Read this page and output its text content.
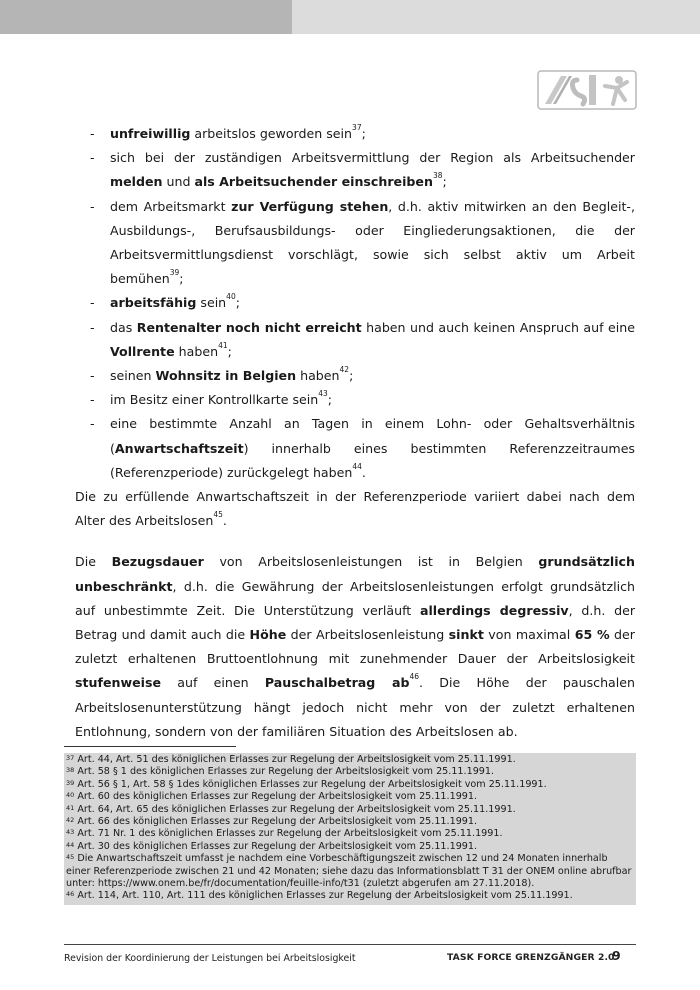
- unfreiwillig arbeitslos geworden sein$^{37}$;
- sich bei der zuständigen Arbeitsvermittlung der Region als Arbeitsuchender melden und als Arbeitsuchender einschreiben$^{38}$;
- dem Arbeitsmarkt zur Verfügung stehen, d.h. aktiv mitwirken an den Begleit-, Ausbildungs-, Berufsausbildungs- oder Eingliederungsaktionen, die der Arbeitsvermittlungsdienst vorschlägt, sowie sich selbst aktiv um Arbeit bemühen$^{39}$;
- arbeitsfähig sein$^{40}$;
- das Rentenalter noch nicht erreicht haben und auch keinen Anspruch auf eine Vollrente haben$^{41}$;
- seinen Wohnsitz in Belgien haben$^{42}$;
- im Besitz einer Kontrollkarte sein$^{43}$;
- eine bestimmte Anzahl an Tagen in einem Lohn- oder Gehaltsverhältnis (Anwartschaftszeit) innerhalb eines bestimmten Referenzzeitraumes (Referenzperiode) zurückgelegt haben$^{44}$.

Die zu erfüllende Anwartschaftszeit in der Referenzperiode variiert dabei nach dem Alter des Arbeitslosen$^{45}$.

Die Bezugsdauer von Arbeitslosenleistungen ist in Belgien grundsätzlich unbeschränkt, d.h. die Gewährung der Arbeitslosenleistungen erfolgt grundsätzlich auf unbestimmte Zeit. Die Unterstützung verläuft allerdings degressiv, d.h. der Betrag und damit auch die Höhe der Arbeitslosenleistung sinkt von maximal 65 % der zuletzt erhaltenen Bruttoentlohnung mit zunehmender Dauer der Arbeitslosigkeit stufenweise auf einen Pauschalbetrag $ab^{46}$. Die Höhe der pauschalen Arbeitslosenunterstützung hängt jedoch nicht mehr von der zuletzt erhaltenen Entlohnung, sondern von der familiären Situation des Arbeitslosen ab.

$^{37}$ Art. 44, Art. 51 des königlichen Erlasses zur Regelung der Arbeitslosigkeit vom 25.11.1991.

$^{38}$ Art. 58 § 1 des königlichen Erlasses zur Regelung der Arbeitslosigkeit vom 25.11.1991.

$^{39}$ Art. 56 § 1, Art. 58 § 1des königlichen Erlasses zur Regelung der Arbeitslosigkeit vom 25.11.1991.

$^{40}$ Art. 60 des königlichen Erlasses zur Regelung der Arbeitslosigkeit vom 25.11.1991.

$^{41}$ Art. 64, Art. 65 des königlichen Erlasses zur Regelung der Arbeitslosigkeit vom 25.11.1991.

$^{42}$ Art. 66 des königlichen Erlasses zur Regelung der Arbeitslosigkeit vom 25.11.1991.

$^{43}$ Art. 71 Nr. 1 des königlichen Erlasses zur Regelung der Arbeitslosigkeit vom 25.11.1991.

$^{44}$ Art. 30 des königlichen Erlasses zur Regelung der Arbeitslosigkeit vom 25.11.1991.

$^{45}$ Die Anwartschaftszeit umfasst je nachdem eine Vorbeschäftigungszeit zwischen 12 und 24 Monaten innerhalb einer Referenzperiode zwischen 21 und 42 Monaten; siehe dazu das Informationsblatt T 31 der ONEM online abrufbar unter: https://www.onem.be/fr/documentation/feuille-info/t31 (zuletzt abgerufen am 27.11.2018).

$^{46}$ Art. 114, Art. 110, Art. 111 des königlichen Erlasses zur Regelung der Arbeitslosigkeit vom 25.11.1991.

Revision der Koordinierung der Leistungen bei Arbeitslosigkeit	TASK FORCE GRENZGÄNGER 2.0
9
